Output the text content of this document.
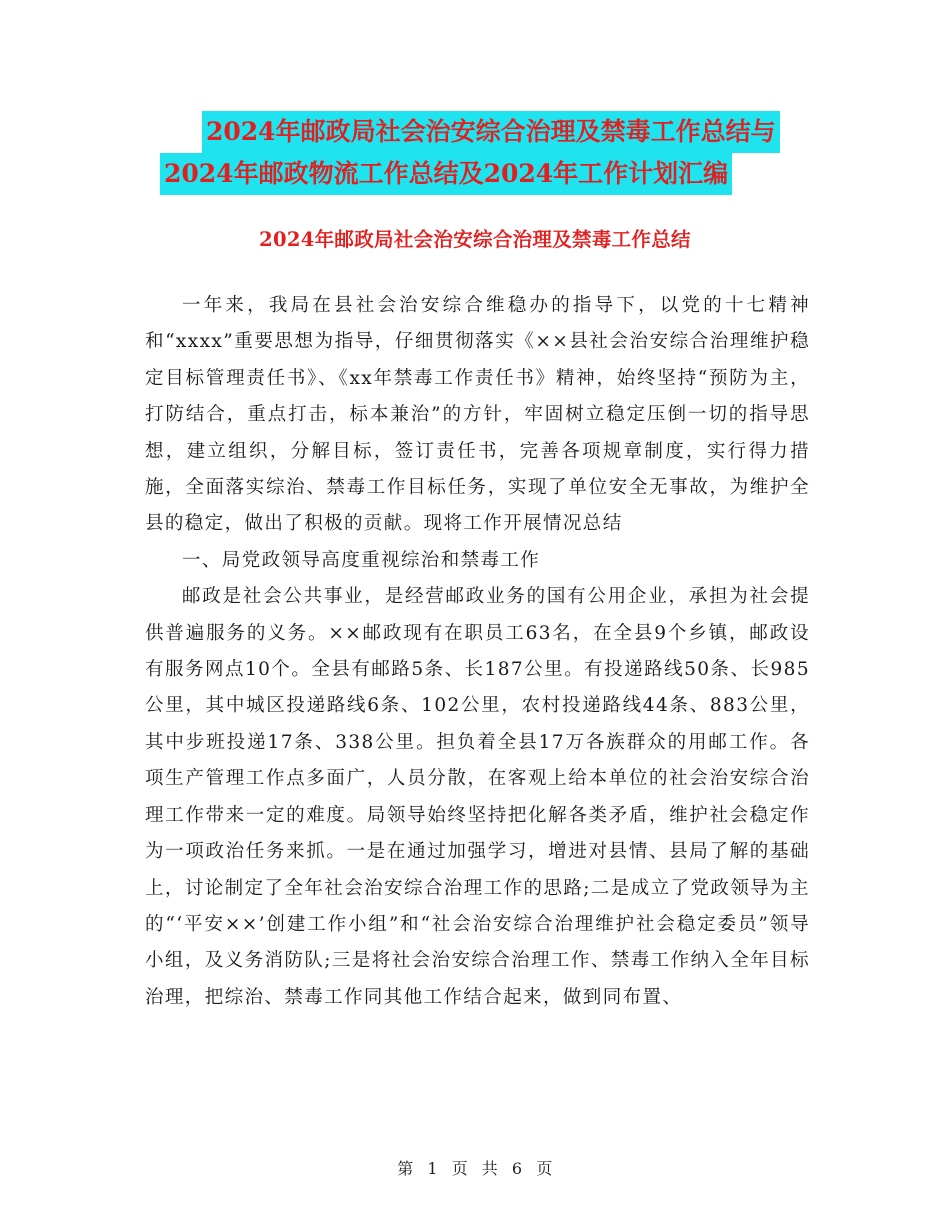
2024年邮政局社会治安综合治理及禁毒工作总结与
2024年邮政物流工作总结及2024年工作计划汇编
2024年邮政局社会治安综合治理及禁毒工作总结

一年来，我局在县社会治安综合维稳办的指导下，以党的十七精神和“xxxx”重要思想为指导，仔细贯彻落实《××县社会治安综合治理维护稳定目标管理责任书》、《xx年禁毒工作责任书》精神，始终坚持“预防为主，打防结合，重点打击，标本兼治”的方针，牢固树立稳定压倒一切的指导思想，建立组织，分解目标，签订责任书，完善各项规章制度，实行得力措施，全面落实综治、禁毒工作目标任务，实现了单位安全无事故，为维护全县的稳定，做出了积极的贡献。现将工作开展情况总结

一、局党政领导高度重视综治和禁毒工作

邮政是社会公共事业，是经营邮政业务的国有公用企业，承担为社会提供普遍服务的义务。××邮政现有在职员工63名，在全县9个乡镇，邮政设有服务网点10个。全县有邮路5条、长187公里。有投递路线50条、长985公里，其中城区投递路线6条、102公里，农村投递路线44条、883公里，其中步班投递17条、338公里。担负着全县17万各族群众的用邮工作。各项生产管理工作点多面广，人员分散，在客观上给本单位的社会治安综合治理工作带来一定的难度。局领导始终坚持把化解各类矛盾，维护社会稳定作为一项政治任务来抓。一是在通过加强学习，增进对县情、县局了解的基础上，讨论制定了全年社会治安综合治理工作的思路;二是成立了党政领导为主的“‘平安××’创建工作小组”和“社会治安综合治理维护社会稳定委员”领导小组，及义务消防队;三是将社会治安综合治理工作、禁毒工作纳入全年目标治理，把综治、禁毒工作同其他工作结合起来，做到同布置、

第 1 页 共 6 页
